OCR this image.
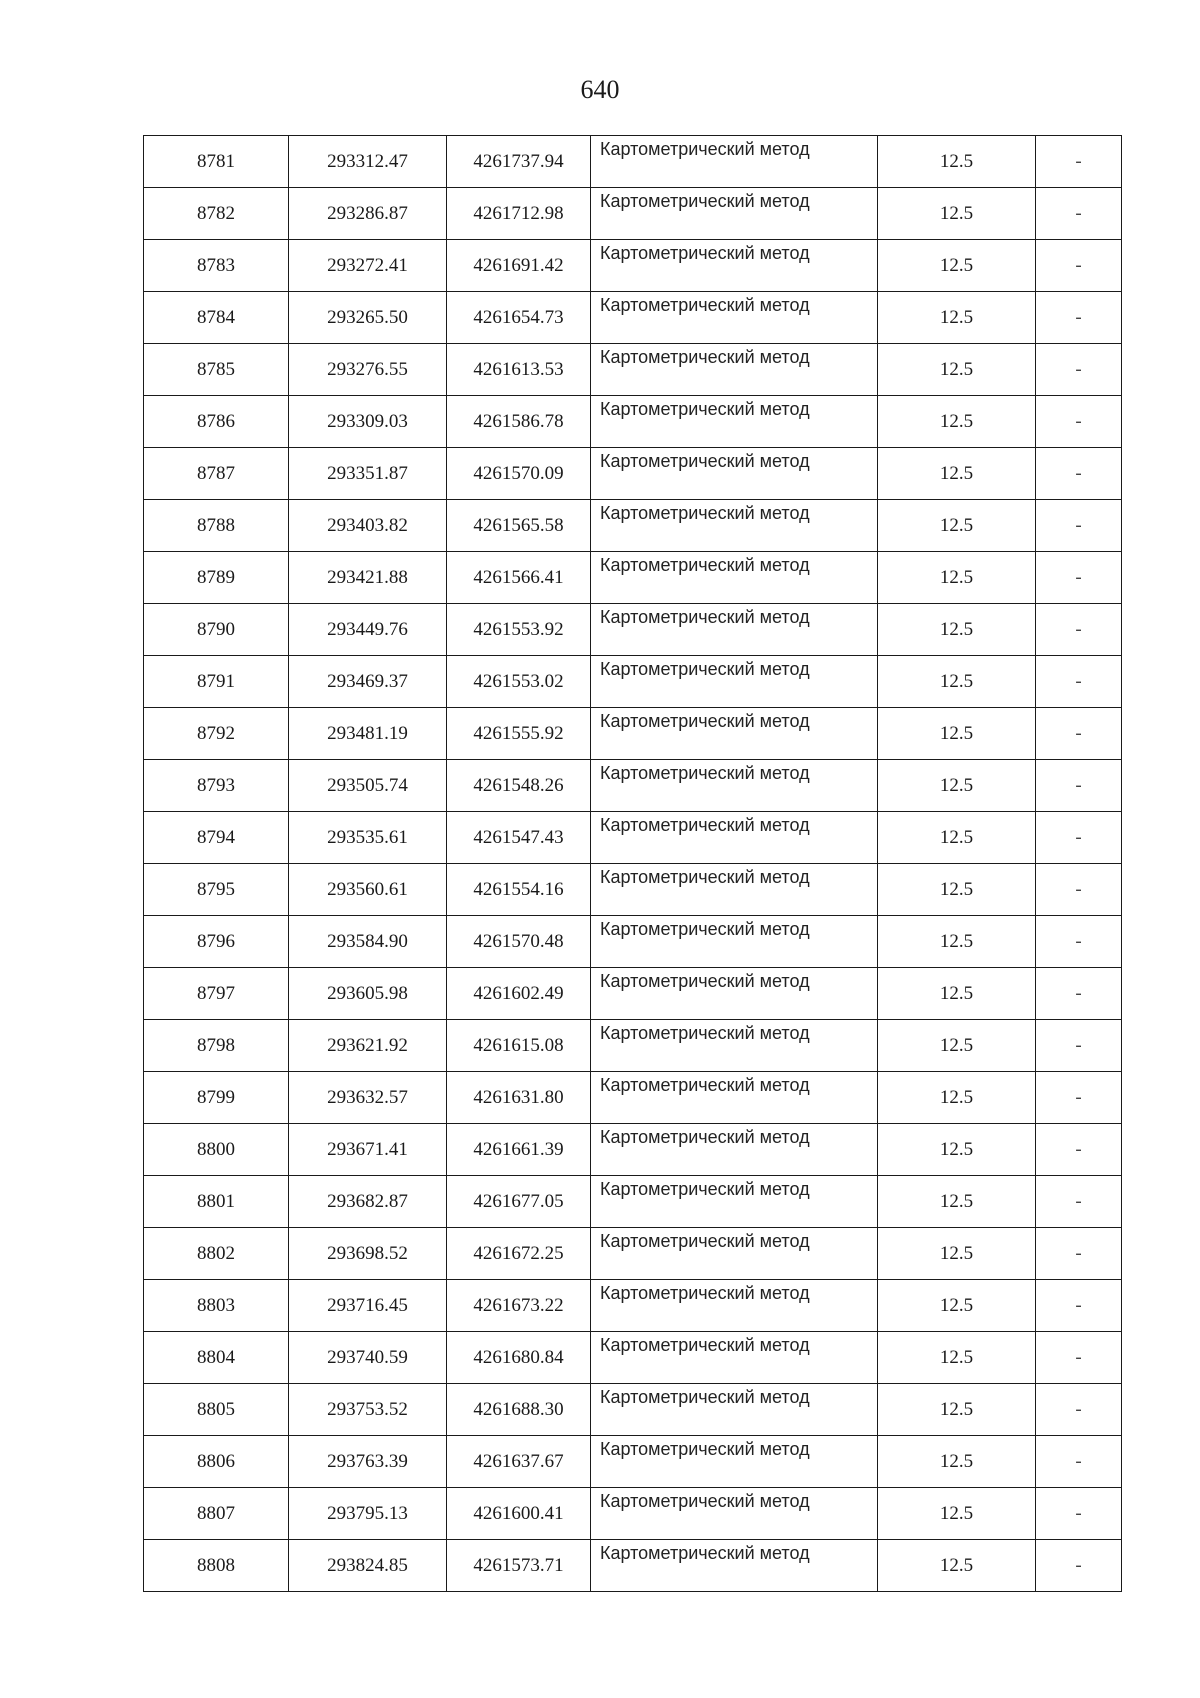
640
8781	293312.47	4261737.94	Картометрический метод	12.5	-
8782	293286.87	4261712.98	Картометрический метод	12.5	-
8783	293272.41	4261691.42	Картометрический метод	12.5	-
8784	293265.50	4261654.73	Картометрический метод	12.5	-
8785	293276.55	4261613.53	Картометрический метод	12.5	-
8786	293309.03	4261586.78	Картометрический метод	12.5	-
8787	293351.87	4261570.09	Картометрический метод	12.5	-
8788	293403.82	4261565.58	Картометрический метод	12.5	-
8789	293421.88	4261566.41	Картометрический метод	12.5	-
8790	293449.76	4261553.92	Картометрический метод	12.5	-
8791	293469.37	4261553.02	Картометрический метод	12.5	-
8792	293481.19	4261555.92	Картометрический метод	12.5	-
8793	293505.74	4261548.26	Картометрический метод	12.5	-
8794	293535.61	4261547.43	Картометрический метод	12.5	-
8795	293560.61	4261554.16	Картометрический метод	12.5	-
8796	293584.90	4261570.48	Картометрический метод	12.5	-
8797	293605.98	4261602.49	Картометрический метод	12.5	-
8798	293621.92	4261615.08	Картометрический метод	12.5	-
8799	293632.57	4261631.80	Картометрический метод	12.5	-
8800	293671.41	4261661.39	Картометрический метод	12.5	-
8801	293682.87	4261677.05	Картометрический метод	12.5	-
8802	293698.52	4261672.25	Картометрический метод	12.5	-
8803	293716.45	4261673.22	Картометрический метод	12.5	-
8804	293740.59	4261680.84	Картометрический метод	12.5	-
8805	293753.52	4261688.30	Картометрический метод	12.5	-
8806	293763.39	4261637.67	Картометрический метод	12.5	-
8807	293795.13	4261600.41	Картометрический метод	12.5	-
8808	293824.85	4261573.71	Картометрический метод	12.5	-
